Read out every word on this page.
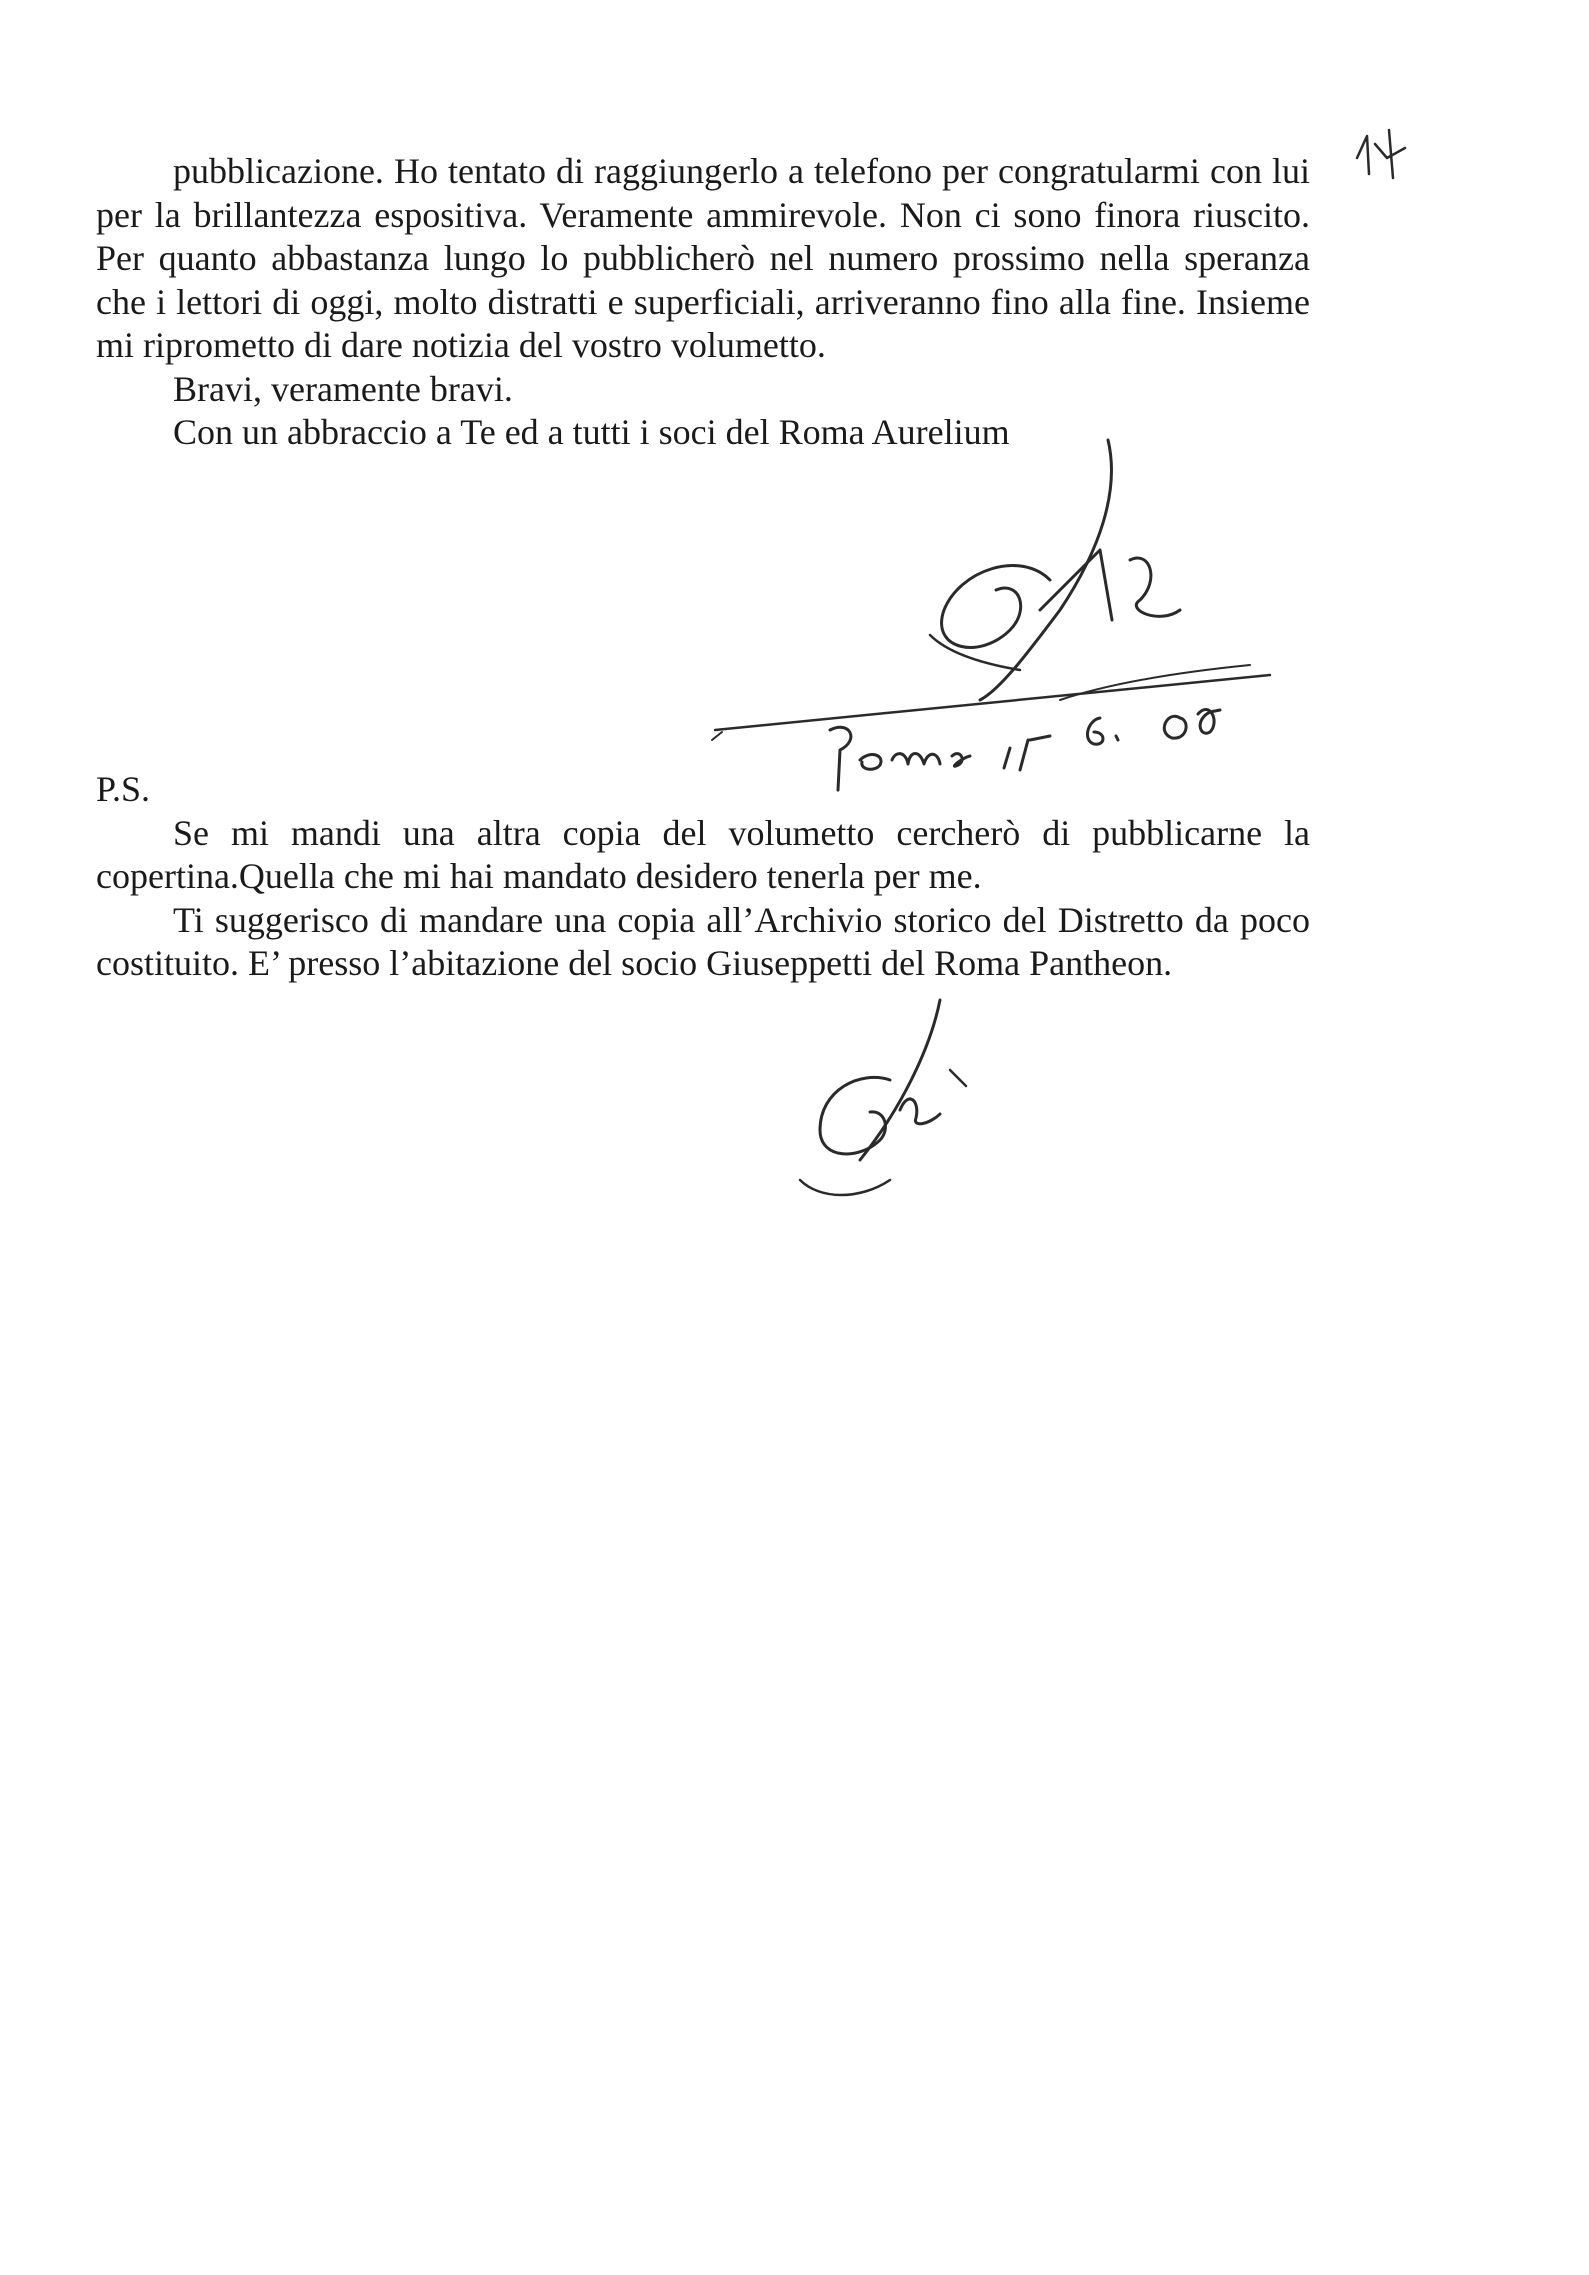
pubblicazione. Ho tentato di raggiungerlo a telefono per congratularmi con lui per la brillantezza espositiva. Veramente ammirevole. Non ci sono finora riuscito. Per quanto abbastanza lungo lo pubblicherò nel numero prossimo nella speranza che i lettori di oggi, molto distratti e superficiali, arriveranno fino alla fine. Insieme mi riprometto di dare notizia del vostro volumetto.

Bravi, veramente bravi.

Con un abbraccio a Te ed a tutti i soci del Roma Aurelium

P.S.

Se mi mandi una altra copia del volumetto cercherò di pubblicarne la copertina.Quella che mi hai mandato desidero tenerla per me.

Ti suggerisco di mandare una copia all’Archivio storico del Distretto da poco costituito. E’ presso l’abitazione del socio Giuseppetti del Roma Pantheon.
